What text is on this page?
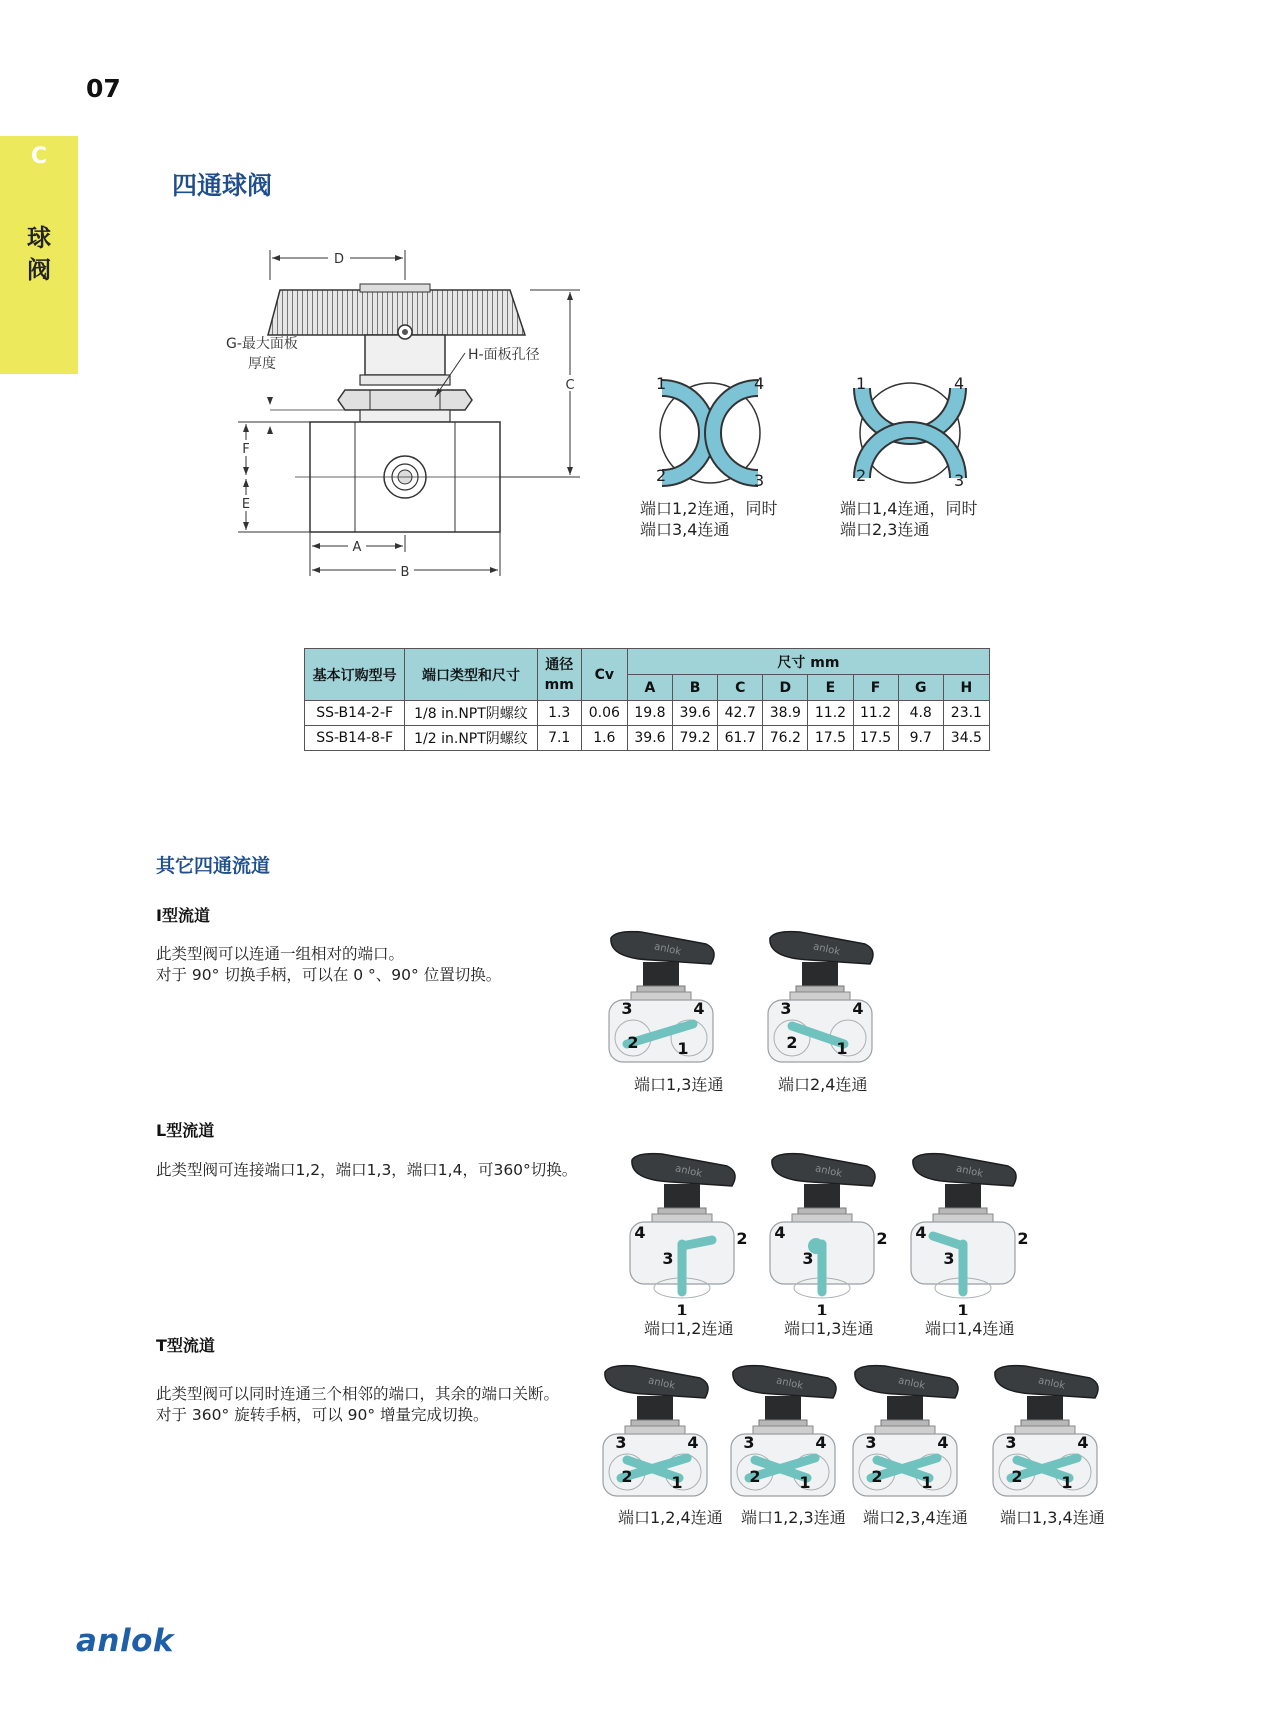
07
C
球
阀
四通球阀
D
C
F
E
A
B
G-最大面板
厚度
H-面板孔径
1	4
2	3
端口1,2连通，同时
端口3,4连通
1	4
2	3
端口1,4连通，同时
端口2,3连通
基本订购型号	端口类型和尺寸	通径
mm	Cv	尺寸 mm							
				A	B	C	D	E	F	G	H
SS-B14-2-F	1/8 in.NPT阴螺纹	1.3	0.06	19.8	39.6	42.7	38.9	11.2	11.2	4.8	23.1
SS-B14-8-F	1/2 in.NPT阴螺纹	7.1	1.6	39.6	79.2	61.7	76.2	17.5	17.5	9.7	34.5
其它四通流道
I型流道
此类型阀可以连通一组相对的端口。
对于 90° 切换手柄，可以在 0 °、90° 位置切换。
L型流道
此类型阀可连接端口1,2，端口1,3，端口1,4，可360°切换。
T型流道
此类型阀可以同时连通三个相邻的端口，其余的端口关断。
对于 360° 旋转手柄，可以 90° 增量完成切换。
anlok
3	4
2 1
anlok
3	4
2 1
anlok
4	2
3
1
anlok
4	2
3
1
anlok
4	2
3
1
anlok
3	4
2 1
anlok
3	4
2 1
anlok
3	4
2 1
anlok
3	4
2 1
端口1,3连通	端口2,4连通
端口1,2连通	端口1,3连通	端口1,4连通
端口1,2,4连通 端口1,2,3连通 端口2,3,4连通 端口1,3,4连通
anlok
